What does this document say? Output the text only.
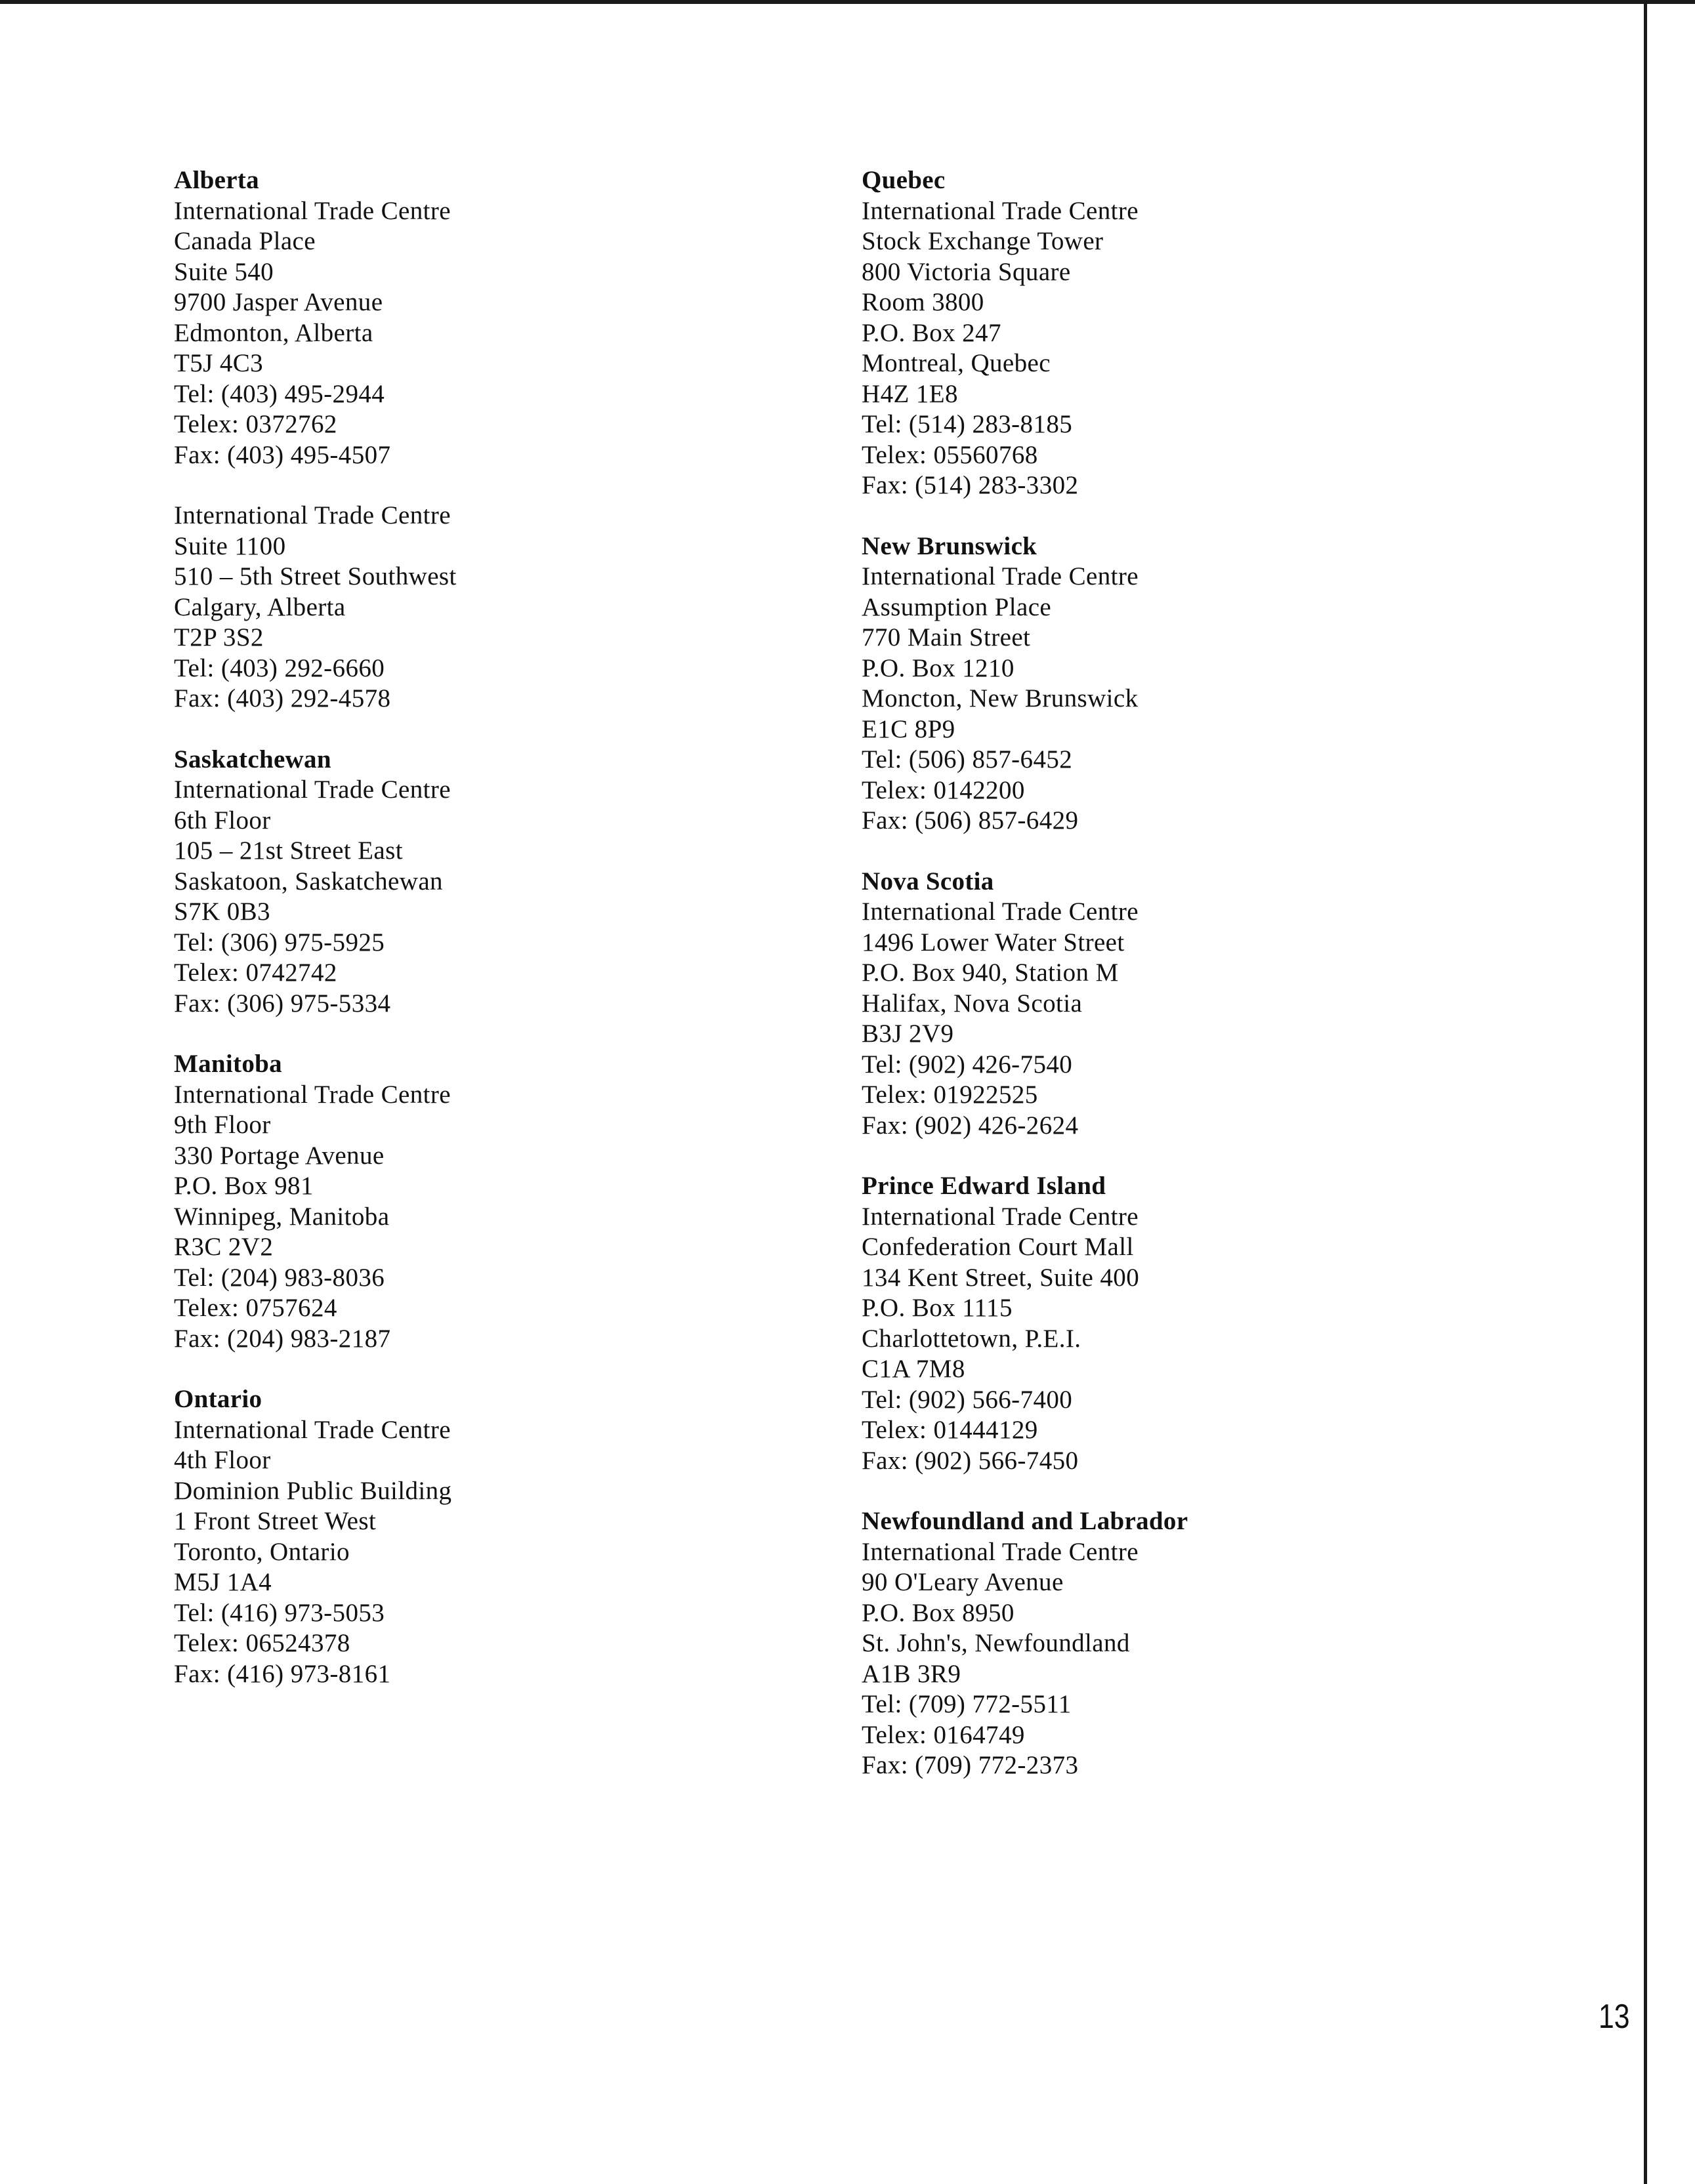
Alberta
International Trade Centre
Canada Place
Suite 540
9700 Jasper Avenue
Edmonton, Alberta
T5J 4C3
Tel: (403) 495-2944
Telex: 0372762
Fax: (403) 495-4507
International Trade Centre
Suite 1100
510 – 5th Street Southwest
Calgary, Alberta
T2P 3S2
Tel: (403) 292-6660
Fax: (403) 292-4578
Saskatchewan
International Trade Centre
6th Floor
105 – 21st Street East
Saskatoon, Saskatchewan
S7K 0B3
Tel: (306) 975-5925
Telex: 0742742
Fax: (306) 975-5334
Manitoba
International Trade Centre
9th Floor
330 Portage Avenue
P.O. Box 981
Winnipeg, Manitoba
R3C 2V2
Tel: (204) 983-8036
Telex: 0757624
Fax: (204) 983-2187
Ontario
International Trade Centre
4th Floor
Dominion Public Building
1 Front Street West
Toronto, Ontario
M5J 1A4
Tel: (416) 973-5053
Telex: 06524378
Fax: (416) 973-8161
Quebec
International Trade Centre
Stock Exchange Tower
800 Victoria Square
Room 3800
P.O. Box 247
Montreal, Quebec
H4Z 1E8
Tel: (514) 283-8185
Telex: 05560768
Fax: (514) 283-3302
New Brunswick
International Trade Centre
Assumption Place
770 Main Street
P.O. Box 1210
Moncton, New Brunswick
E1C 8P9
Tel: (506) 857-6452
Telex: 0142200
Fax: (506) 857-6429
Nova Scotia
International Trade Centre
1496 Lower Water Street
P.O. Box 940, Station M
Halifax, Nova Scotia
B3J 2V9
Tel: (902) 426-7540
Telex: 01922525
Fax: (902) 426-2624
Prince Edward Island
International Trade Centre
Confederation Court Mall
134 Kent Street, Suite 400
P.O. Box 1115
Charlottetown, P.E.I.
C1A 7M8
Tel: (902) 566-7400
Telex: 01444129
Fax: (902) 566-7450
Newfoundland and Labrador
International Trade Centre
90 O'Leary Avenue
P.O. Box 8950
St. John's, Newfoundland
A1B 3R9
Tel: (709) 772-5511
Telex: 0164749
Fax: (709) 772-2373
13
